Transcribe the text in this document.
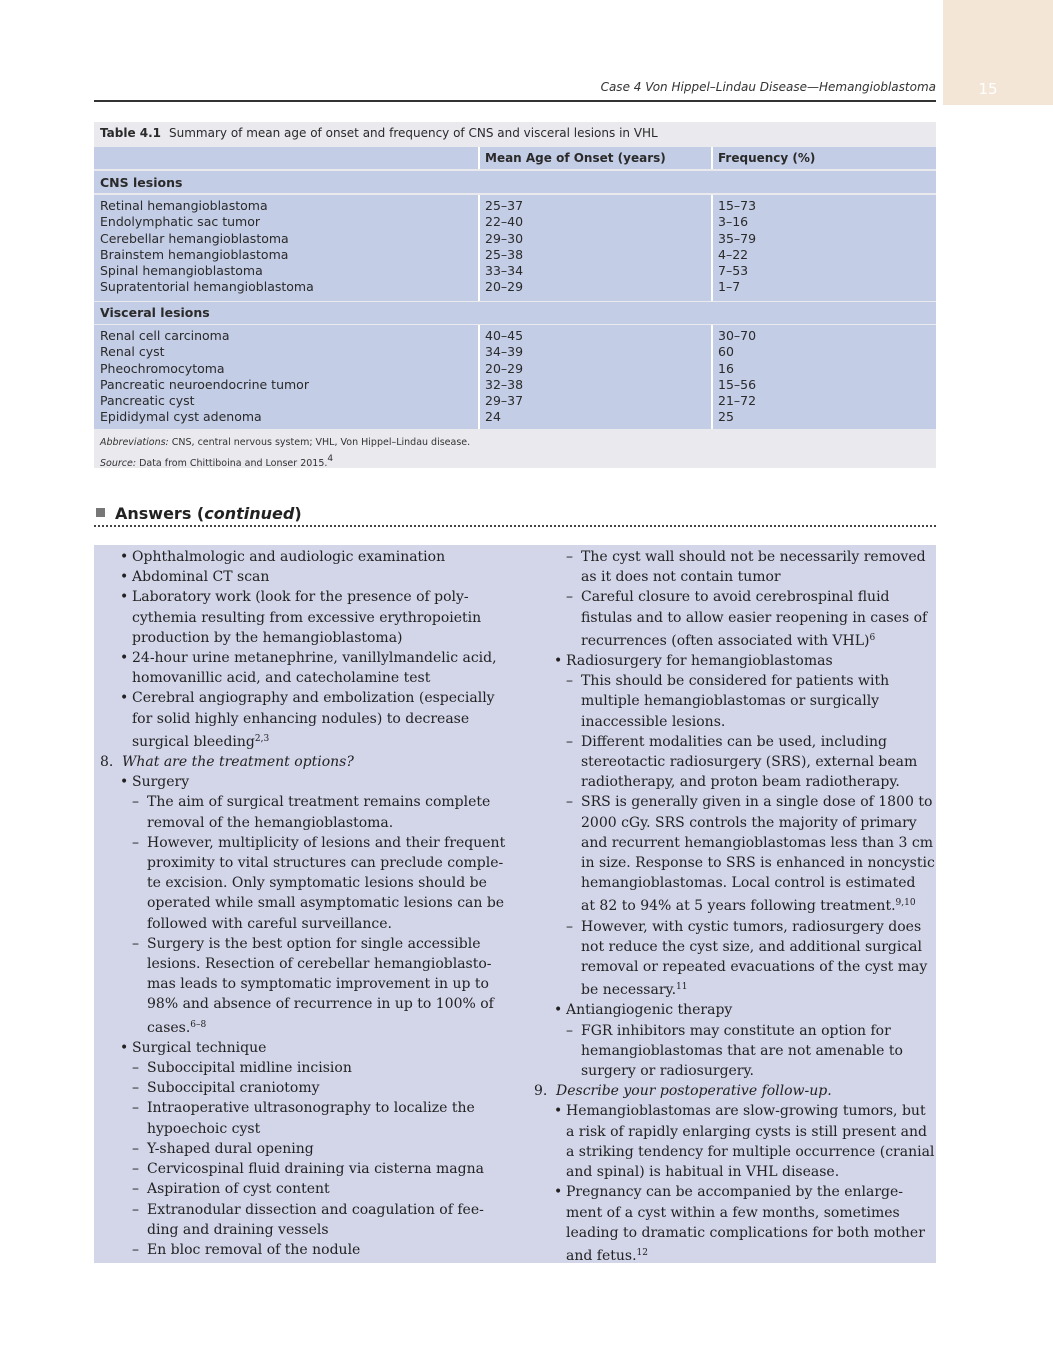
15
Case 4 Von Hippel–Lindau Disease—Hemangioblastoma
Table 4.1 Summary of mean age of onset and frequency of CNS and visceral lesions in VHL
Mean Age of Onset (years)	Frequency (%)
CNS lesions
Retinal hemangioblastoma
Endolymphatic sac tumor
Cerebellar hemangioblastoma
Brainstem hemangioblastoma
Spinal hemangioblastoma
Supratentorial hemangioblastoma
25–37
22–40
29–30
25–38
33–34
20–29
15–73
3–16
35–79
4–22
7–53
1–7
Visceral lesions
Renal cell carcinoma
Renal cyst
Pheochromocytoma
Pancreatic neuroendocrine tumor
Pancreatic cyst
Epididymal cyst adenoma
40–45
34–39
20–29
32–38
29–37
24
30–70
60
16
15–56
21–72
25
Abbreviations: CNS, central nervous system; VHL, Von Hippel–Lindau disease.
Source: Data from Chittiboina and Lonser 2015.4
Answers (continued)
• Ophthalmologic and audiologic examination
• Abdominal CT scan
• Laboratory work (look for the presence of poly-
cythemia resulting from excessive erythropoietin
production by the hemangioblastoma)
• 24-hour urine metanephrine, vanillylmandelic acid,
homovanillic acid, and catecholamine test
• Cerebral angiography and embolization (especially
for solid highly enhancing nodules) to decrease
surgical bleeding$^{2,3}$
8. What are the treatment options?
• Surgery
– The aim of surgical treatment remains complete
removal of the hemangioblastoma.
– However, multiplicity of lesions and their frequent
proximity to vital structures can preclude comple-
te excision. Only symptomatic lesions should be
operated while small asymptomatic lesions can be
followed with careful surveillance.
– Surgery is the best option for single accessible
lesions. Resection of cerebellar hemangioblasto-
mas leads to symptomatic improvement in up to
98% and absence of recurrence in up to 100% of
cases.$^{6-8}$
• Surgical technique
– Suboccipital midline incision
– Suboccipital craniotomy
– Intraoperative ultrasonography to localize the
hypoechoic cyst
– Y-shaped dural opening
– Cervicospinal fluid draining via cisterna magna
– Aspiration of cyst content
– Extranodular dissection and coagulation of fee-
ding and draining vessels
– En bloc removal of the nodule
– The cyst wall should not be necessarily removed
as it does not contain tumor
– Careful closure to avoid cerebrospinal fluid
fistulas and to allow easier reopening in cases of
recurrences (often associated with VHL)$^6$
• Radiosurgery for hemangioblastomas
– This should be considered for patients with
multiple hemangioblastomas or surgically
inaccessible lesions.
– Different modalities can be used, including
stereotactic radiosurgery (SRS), external beam
radiotherapy, and proton beam radiotherapy.
– SRS is generally given in a single dose of 1800 to
2000 cGy. SRS controls the majority of primary
and recurrent hemangioblastomas less than 3 cm
in size. Response to SRS is enhanced in noncystic
hemangioblastomas. Local control is estimated
at 82 to 94% at 5 years following treatment.$^{9,10}$
– However, with cystic tumors, radiosurgery does
not reduce the cyst size, and additional surgical
removal or repeated evacuations of the cyst may
be necessary.$^{11}$
• Antiangiogenic therapy
– FGR inhibitors may constitute an option for
hemangioblastomas that are not amenable to
surgery or radiosurgery.
9. Describe your postoperative follow-up.
• Hemangioblastomas are slow-growing tumors, but
a risk of rapidly enlarging cysts is still present and
a striking tendency for multiple occurrence (cranial
and spinal) is habitual in VHL disease.
• Pregnancy can be accompanied by the enlarge-
ment of a cyst within a few months, sometimes
leading to dramatic complications for both mother
and fetus.$^{12}$
